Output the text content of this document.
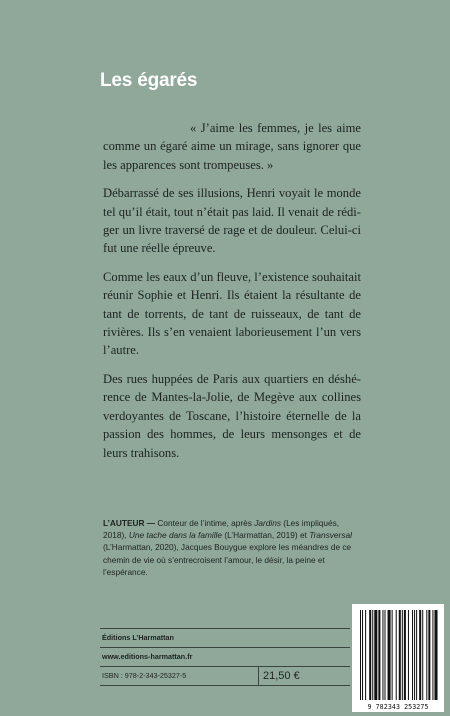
Les égarés

« J’aime les femmes, je les aime comme un égaré aime un mirage, sans ignorer que les apparences sont trompeuses. »

Débarrassé de ses illusions, Henri voyait le monde tel qu’il était, tout n’était pas laid. Il venait de rédiger un livre traversé de rage et de douleur. Celui-ci fut une réelle épreuve.

Comme les eaux d’un fleuve, l’existence souhaitait réunir Sophie et Henri. Ils étaient la résultante de tant de torrents, de tant de ruisseaux, de tant de rivières. Ils s’en venaient laborieusement l’un vers l’autre.

Des rues huppées de Paris aux quartiers en déshérence de Mantes-la-Jolie, de Megève aux collines verdoyantes de Toscane, l’histoire éternelle de la passion des hommes, de leurs mensonges et de leurs trahisons.

L’AUTEUR — Conteur de l’intime, après Jardins (Les impliqués, 2018), Une tache dans la famille (L’Harmattan, 2019) et Transversal (L’Harmattan, 2020), Jacques Bouygue explore les méandres de ce chemin de vie où s’entrecroisent l’amour, le désir, la peine et l’espérance.

Éditions L’Harmattan
www.editions-harmattan.fr
ISBN : 978-2-343-25327-5	21,50 €
9 782343 253275
